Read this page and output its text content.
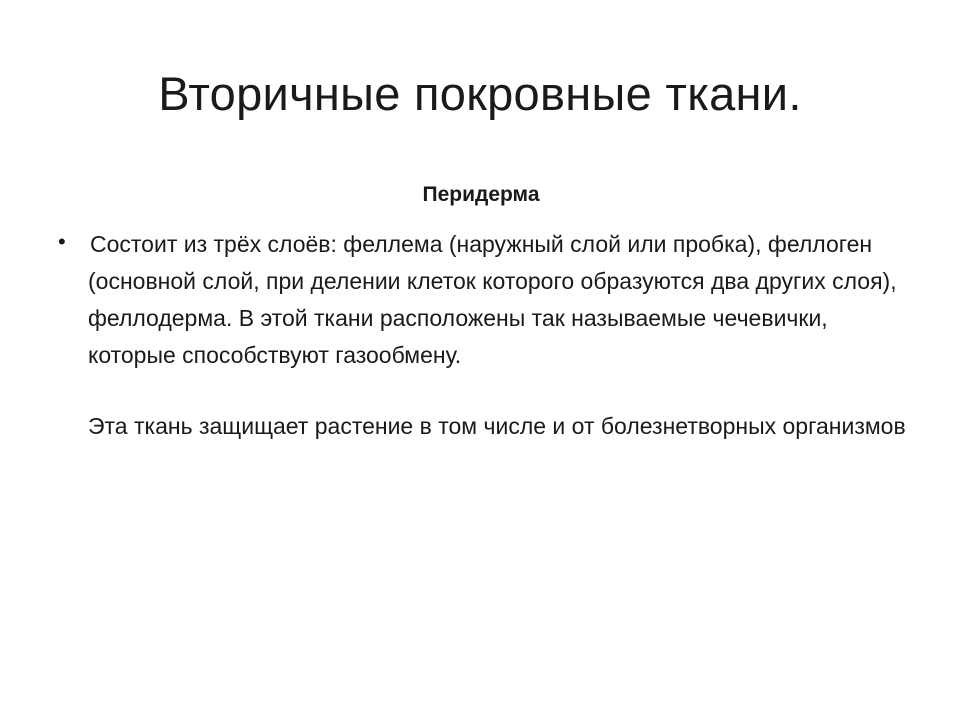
Вторичные покровные ткани.
Перидерма
• Состоит из трёх слоёв: феллема (наружный слой или пробка), феллоген (основной слой, при делении клеток которого образуются два других слоя), феллодерма. В этой ткани расположены так называемые чечевички, которые способствуют газообмену.

Эта ткань защищает растение в том числе и от болезнетворных организмов
